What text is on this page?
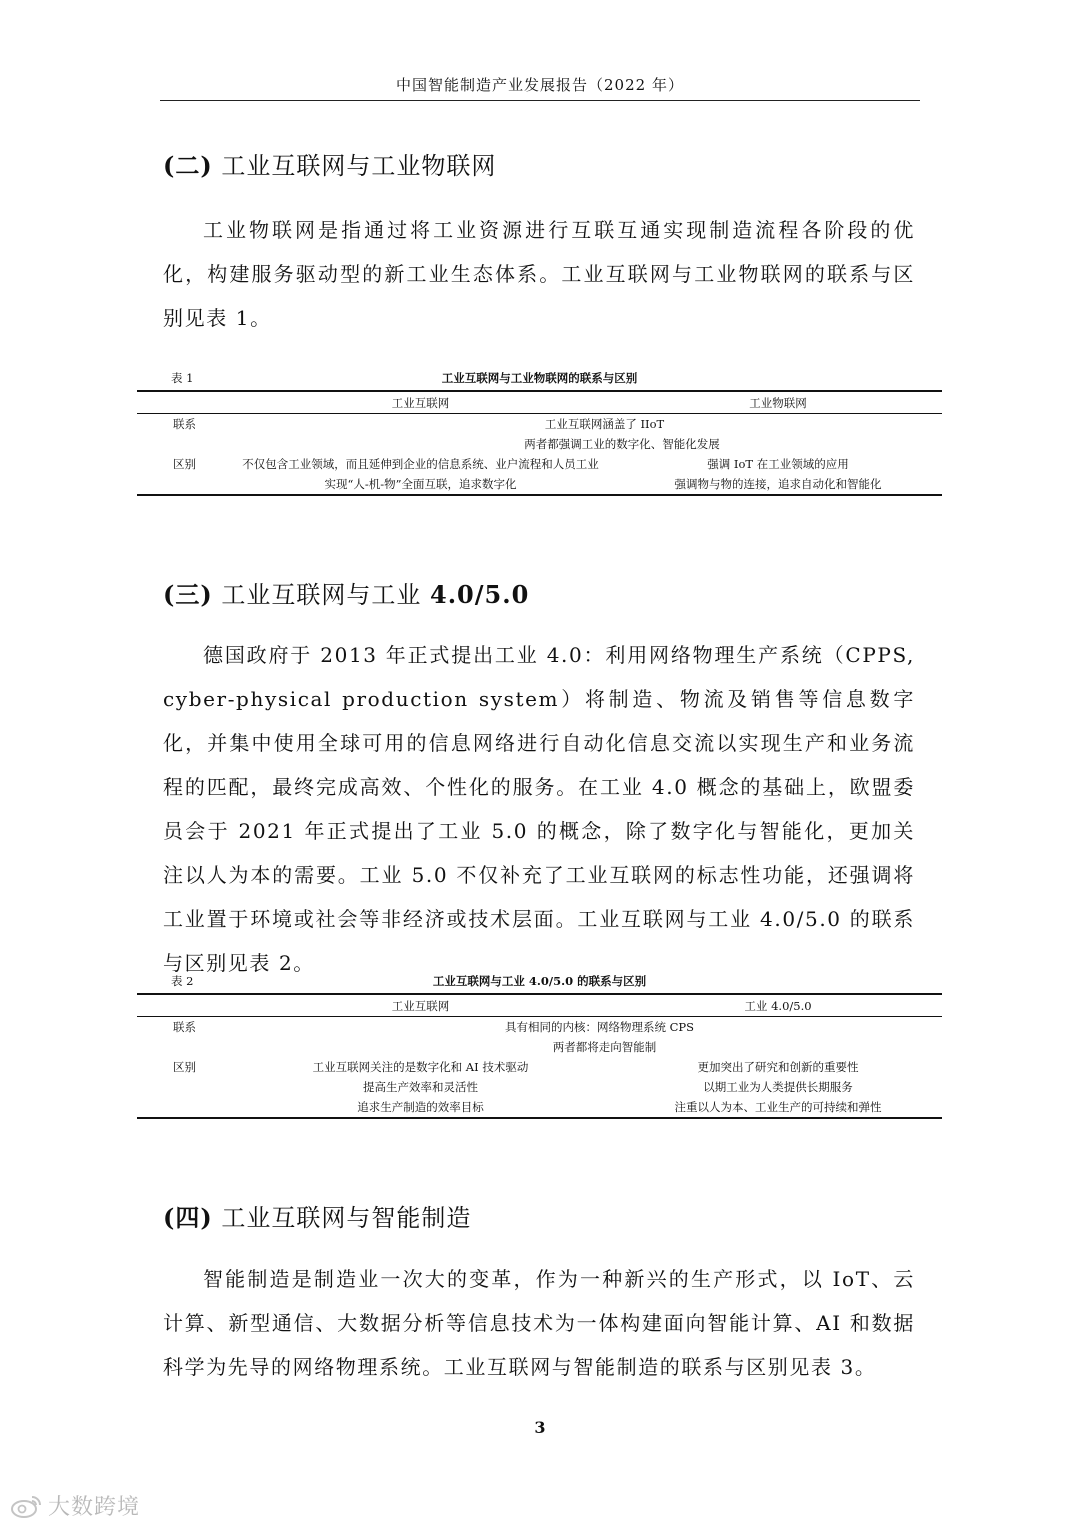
中国智能制造产业发展报告（2022 年）
(二) 工业互联网与工业物联网

工业物联网是指通过将工业资源进行互联互通实现制造流程各阶段的优化，构建服务驱动型的新工业生态体系。工业互联网与工业物联网的联系与区别见表 1。

表 1	工业互联网与工业物联网的联系与区别
	工业互联网	工业物联网
联系	工业互联网涵盖了 IIoT	
	两者都强调工业的数字化、智能化发展	
区别	不仅包含工业领域，而且延伸到企业的信息系统、业户流程和人员工业	强调 IoT 在工业领域的应用
	实现“人-机-物”全面互联，追求数字化	强调物与物的连接，追求自动化和智能化
(三) 工业互联网与工业 4.0/5.0

德国政府于 2013 年正式提出工业 4.0：利用网络物理生产系统（CPPS, cyber-physical production system）将制造、物流及销售等信息数字化，并集中使用全球可用的信息网络进行自动化信息交流以实现生产和业务流程的匹配，最终完成高效、个性化的服务。在工业 4.0 概念的基础上，欧盟委员会于 2021 年正式提出了工业 5.0 的概念，除了数字化与智能化，更加关注以人为本的需要。工业 5.0 不仅补充了工业互联网的标志性功能，还强调将工业置于环境或社会等非经济或技术层面。工业互联网与工业 4.0/5.0 的联系与区别见表 2。

表 2	工业互联网与工业 4.0/5.0 的联系与区别
	工业互联网	工业 4.0/5.0
联系	具有相同的内核：网络物理系统 CPS	
	两者都将走向智能制	
区别	工业互联网关注的是数字化和 AI 技术驱动	更加突出了研究和创新的重要性
	提高生产效率和灵活性	以期工业为人类提供长期服务
	追求生产制造的效率目标	注重以人为本、工业生产的可持续和弹性
(四) 工业互联网与智能制造

智能制造是制造业一次大的变革，作为一种新兴的生产形式，以 IoT、云计算、新型通信、大数据分析等信息技术为一体构建面向智能计算、AI 和数据科学为先导的网络物理系统。工业互联网与智能制造的联系与区别见表 3。

3
大数跨境
